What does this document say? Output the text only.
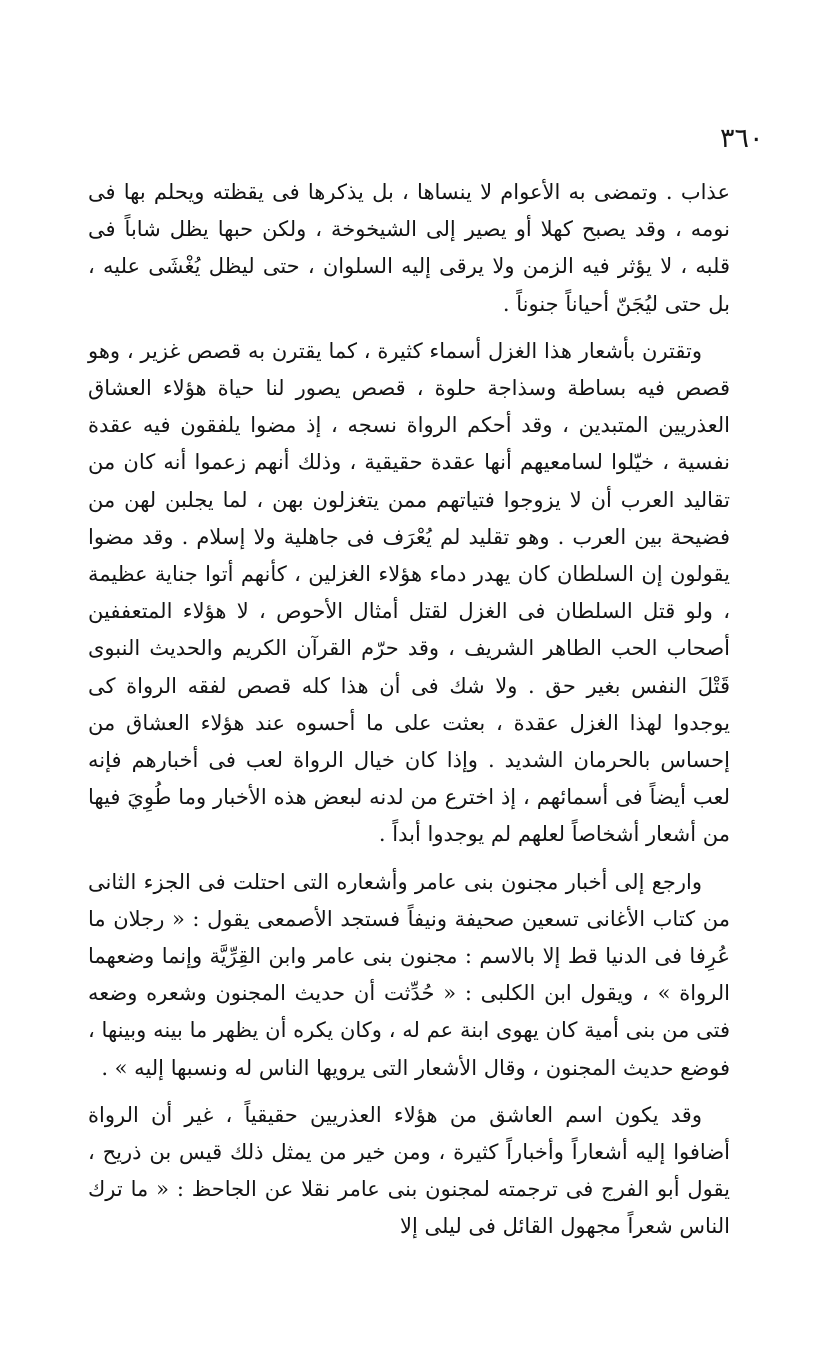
٣٦٠

عذاب . وتمضى به الأعوام لا ينساها ، بل يذكرها فى يقظته ويحلم بها فى نومه ، وقد يصبح كهلا أو يصير إلى الشيخوخة ، ولكن حبها يظل شاباً فى قلبه ، لا يؤثر فيه الزمن ولا يرقى إليه السلوان ، حتى ليظل يُغْشَى عليه ، بل حتى ليُجَنّ أحياناً جنوناً .

وتقترن بأشعار هذا الغزل أسماء كثيرة ، كما يقترن به قصص غزير ، وهو قصص فيه بساطة وسذاجة حلوة ، قصص يصور لنا حياة هؤلاء العشاق العذريين المتبدين ، وقد أحكم الرواة نسجه ، إذ مضوا يلفقون فيه عقدة نفسية ، خيّلوا لسامعيهم أنها عقدة حقيقية ، وذلك أنهم زعموا أنه كان من تقاليد العرب أن لا يزوجوا فتياتهم ممن يتغزلون بهن ، لما يجلبن لهن من فضيحة بين العرب . وهو تقليد لم يُعْرَف فى جاهلية ولا إسلام . وقد مضوا يقولون إن السلطان كان يهدر دماء هؤلاء الغزلين ، كأنهم أتوا جناية عظيمة ، ولو قتل السلطان فى الغزل لقتل أمثال الأحوص ، لا هؤلاء المتعففين أصحاب الحب الطاهر الشريف ، وقد حرّم القرآن الكريم والحديث النبوى قَتْلَ النفس بغير حق . ولا شك فى أن هذا كله قصص لفقه الرواة كى يوجدوا لهذا الغزل عقدة ، بعثت على ما أحسوه عند هؤلاء العشاق من إحساس بالحرمان الشديد . وإذا كان خيال الرواة لعب فى أخبارهم فإنه لعب أيضاً فى أسمائهم ، إذ اخترع من لدنه لبعض هذه الأخبار وما طُوِيَ فيها من أشعار أشخاصاً لعلهم لم يوجدوا أبداً .

وارجع إلى أخبار مجنون بنى عامر وأشعاره التى احتلت فى الجزء الثانى من كتاب الأغانى تسعين صحيفة ونيفاً فستجد الأصمعى يقول : « رجلان ما عُرِفا فى الدنيا قط إلا بالاسم : مجنون بنى عامر وابن القِرِّيَّة وإنما وضعهما الرواة » ، ويقول ابن الكلبى : « حُدِّثت أن حديث المجنون وشعره وضعه فتى من بنى أمية كان يهوى ابنة عم له ، وكان يكره أن يظهر ما بينه وبينها ، فوضع حديث المجنون ، وقال الأشعار التى يرويها الناس له ونسبها إليه » .

وقد يكون اسم العاشق من هؤلاء العذريين حقيقياً ، غير أن الرواة أضافوا إليه أشعاراً وأخباراً كثيرة ، ومن خير من يمثل ذلك قيس بن ذريح ، يقول أبو الفرج فى ترجمته لمجنون بنى عامر نقلا عن الجاحظ : « ما ترك الناس شعراً مجهول القائل فى ليلى إلا
